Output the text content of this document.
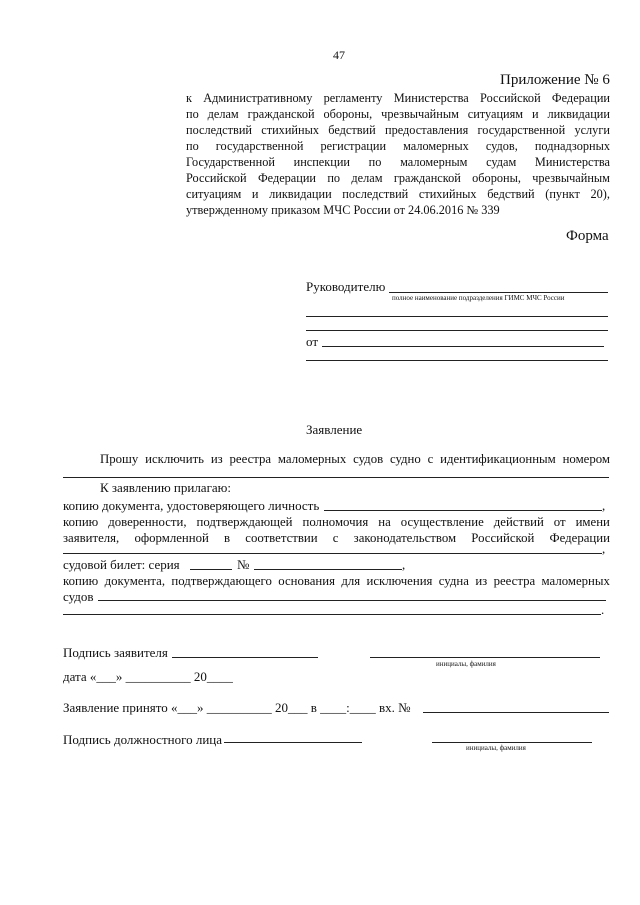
47
Приложение № 6
к Административному регламенту Министерства Российской Федерации
по делам гражданской обороны, чрезвычайным ситуациям и ликвидации
последствий стихийных бедствий предоставления государственной услуги
по государственной регистрации маломерных судов, поднадзорных
Государственной инспекции по маломерным судам Министерства
Российской Федерации по делам гражданской обороны, чрезвычайным
ситуациям и ликвидации последствий стихийных бедствий (пункт 20),
утвержденному приказом МЧС России от 24.06.2016 № 339
Форма
Руководителю
полное наименование подразделения ГИМС МЧС России
от
Заявление
Прошу исключить из реестра маломерных судов судно с идентификационным номером
К заявлению прилагаю:
копию документа, удостоверяющего личность	,
копию доверенности, подтверждающей полномочия на осуществление действий от имени
заявителя, оформленной в соответствии с законодательством Российской Федерации
,
судовой билет: серия	№	,
копию документа, подтверждающего основания для исключения судна из реестра маломерных
судов
.
Подпись заявителя
инициалы, фамилия
дата «___» __________ 20____
Заявление принято «___» __________ 20___ в ____:____ вх. №
Подпись должностного лица
инициалы, фамилия
